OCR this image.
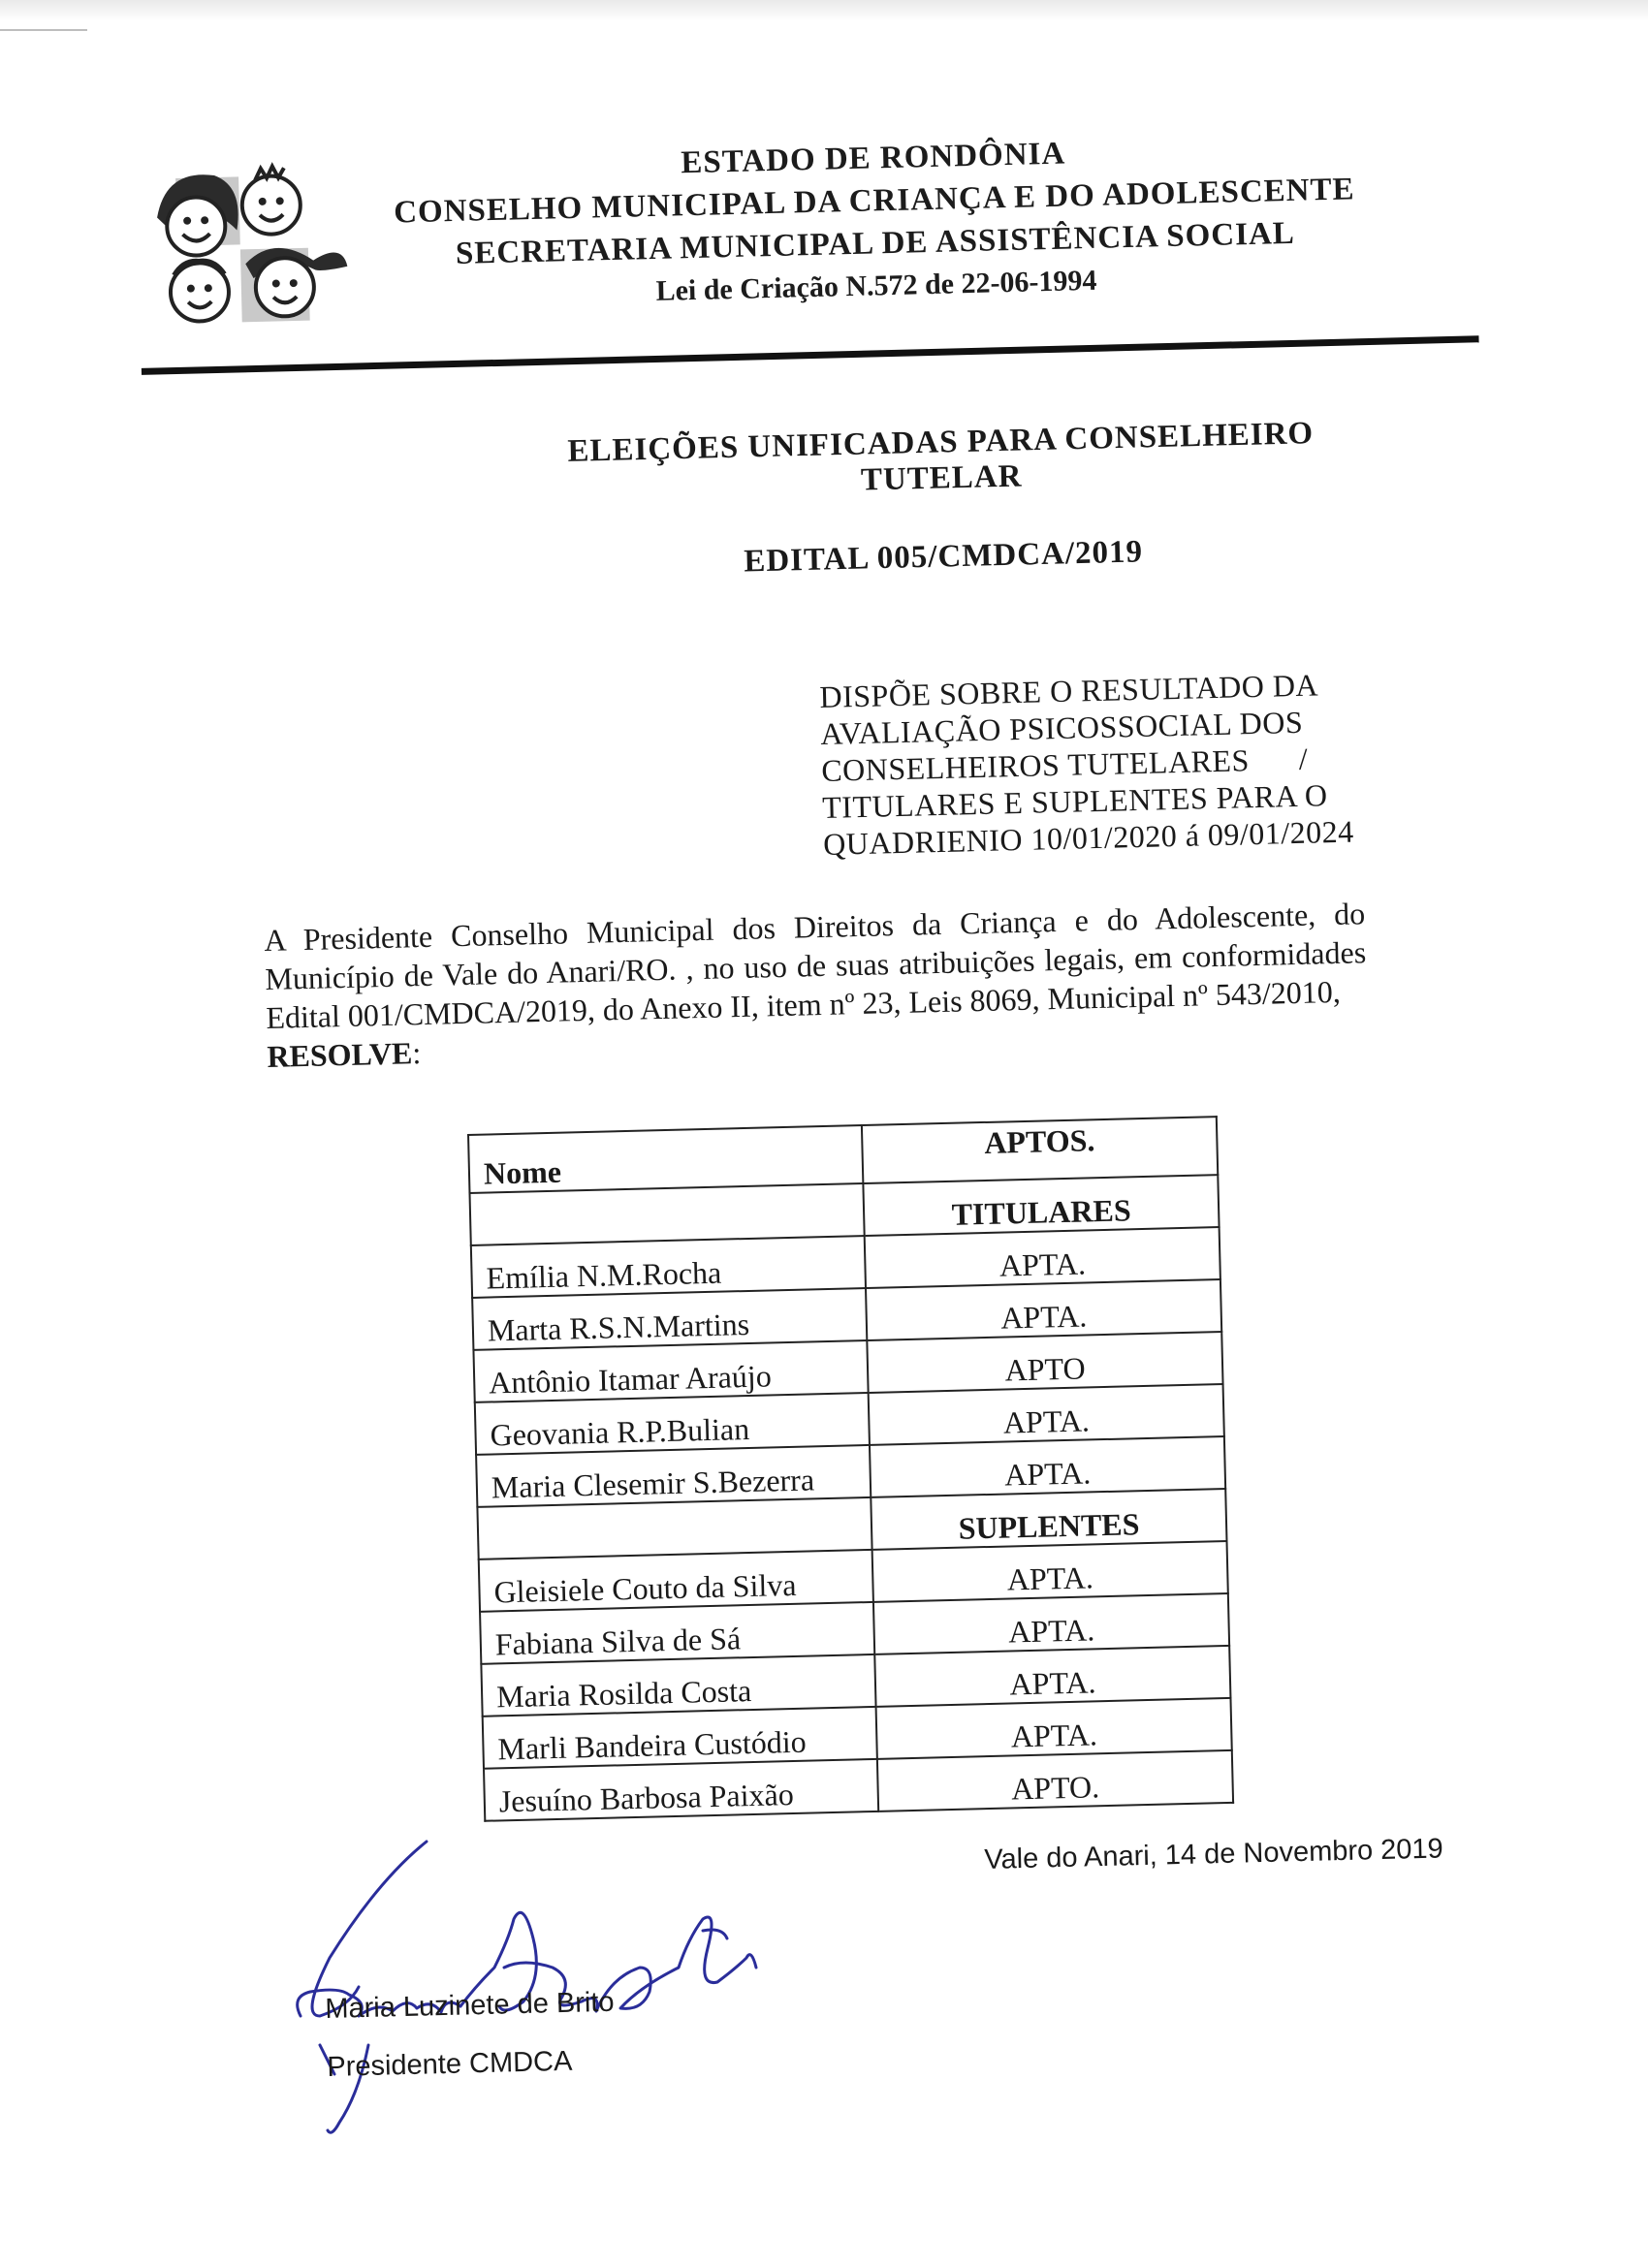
ESTADO DE RONDÔNIA
CONSELHO MUNICIPAL DA CRIANÇA E DO ADOLESCENTE
SECRETARIA MUNICIPAL DE ASSISTÊNCIA SOCIAL
Lei de Criação N.572 de 22-06-1994
ELEIÇÕES UNIFICADAS PARA CONSELHEIRO TUTELAR
EDITAL 005/CMDCA/2019
DISPÕE SOBRE O RESULTADO DA
AVALIAÇÃO PSICOSSOCIAL DOS
CONSELHEIROS TUTELARES      /
TITULARES E SUPLENTES PARA O
QUADRIENIO 10/01/2020 á 09/01/2024
A Presidente Conselho Municipal dos Direitos da Criança e do Adolescente, do Município de Vale do Anari/RO. , no uso de suas atribuições legais, em conformidades Edital 001/CMDCA/2019, do Anexo II, item nº 23, Leis 8069, Municipal nº 543/2010,
RESOLVE:
Nome	APTOS.
	TITULARES
Emília N.M.Rocha	APTA.
Marta R.S.N.Martins	APTA.
Antônio Itamar Araújo	APTO
Geovania R.P.Bulian	APTA.
Maria Clesemir S.Bezerra	APTA.
	SUPLENTES
Gleisiele Couto da Silva	APTA.
Fabiana Silva de Sá	APTA.
Maria Rosilda Costa	APTA.
Marli Bandeira Custódio	APTA.
Jesuíno Barbosa Paixão	APTO.
Vale do Anari, 14 de Novembro 2019
Maria Luzinete de Brito
Presidente CMDCA
